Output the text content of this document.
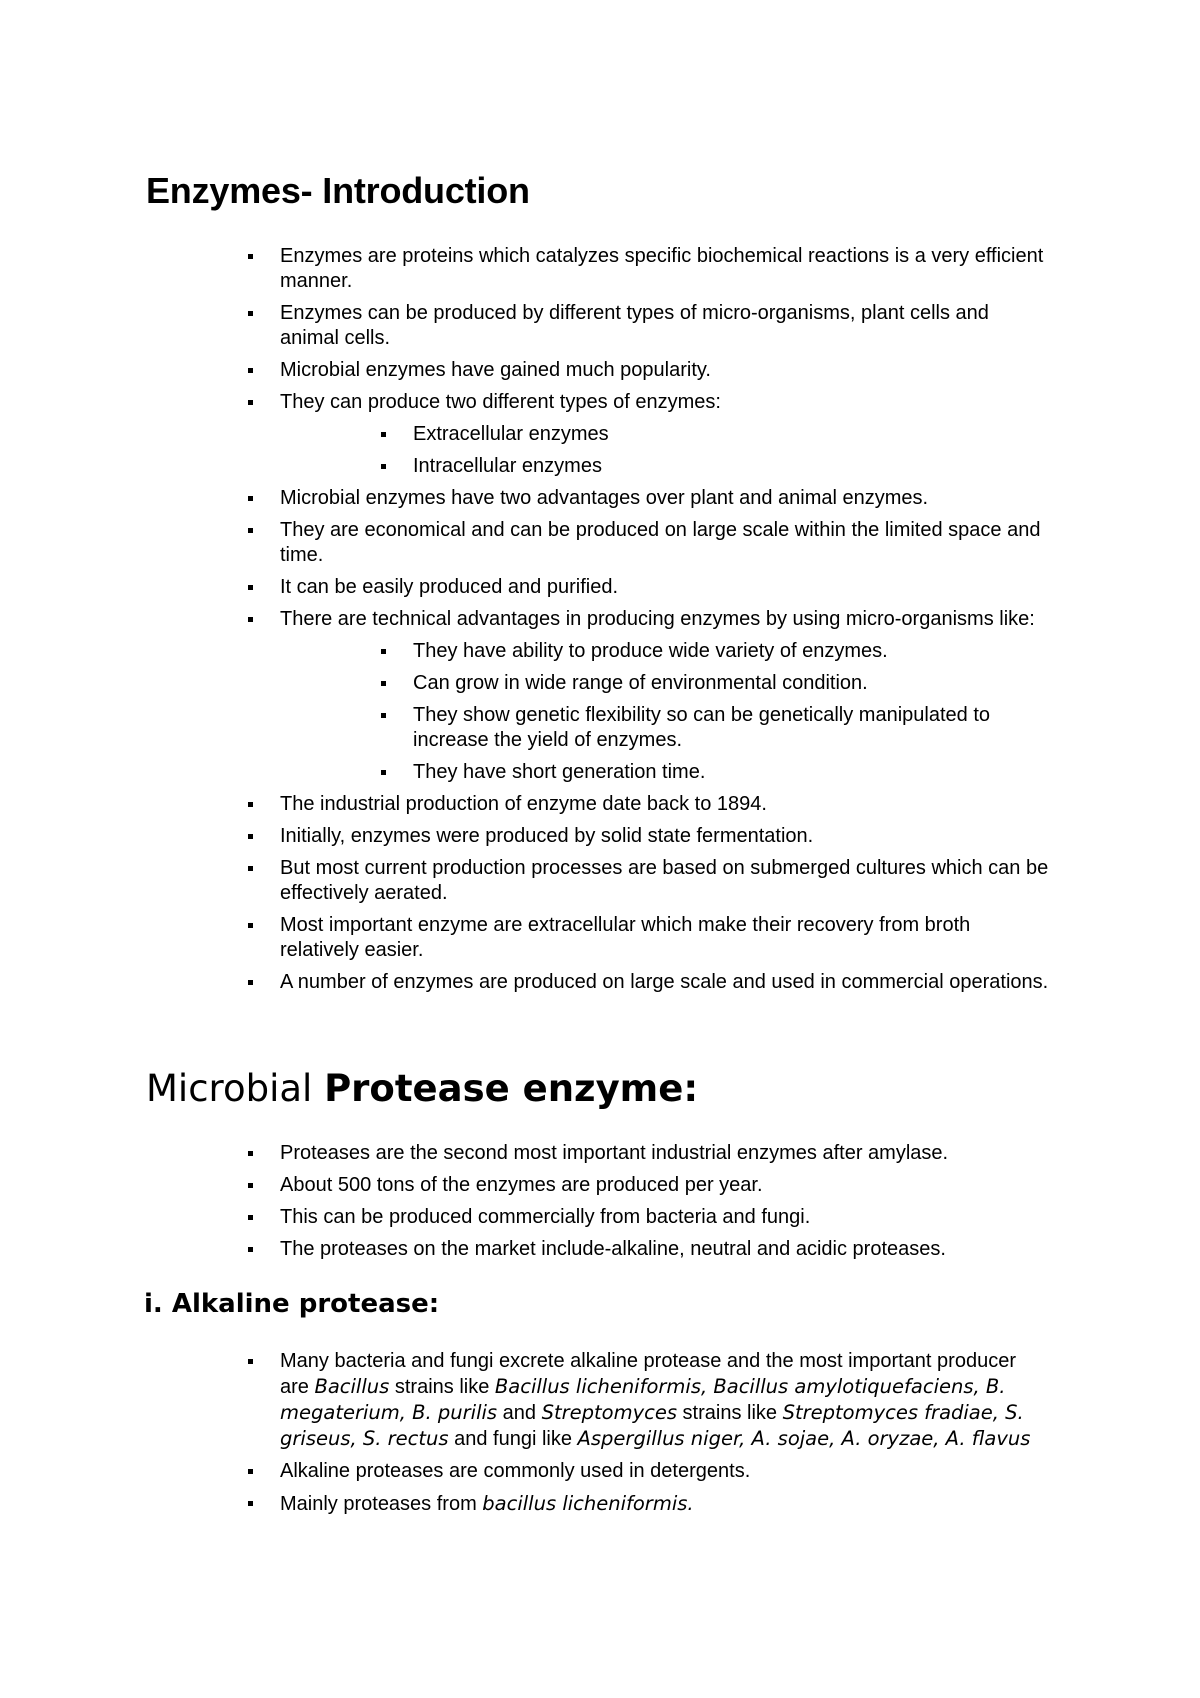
Enzymes- Introduction
Enzymes are proteins which catalyzes specific biochemical reactions is a very efficient manner.
Enzymes can be produced by different types of micro-organisms, plant cells and animal cells.
Microbial enzymes have gained much popularity.
They can produce two different types of enzymes:
Extracellular enzymes
Intracellular enzymes
Microbial enzymes have two advantages over plant and animal enzymes.
They are economical and can be produced on large scale within the limited space and time.
It can be easily produced and purified.
There are technical advantages in producing enzymes by using micro-organisms like:
They have ability to produce wide variety of enzymes.
Can grow in wide range of environmental condition.
They show genetic flexibility so can be genetically manipulated to increase the yield of enzymes.
They have short generation time.
The industrial production of enzyme date back to 1894.
Initially, enzymes were produced by solid state fermentation.
But most current production processes are based on submerged cultures which can be effectively aerated.
Most important enzyme are extracellular which make their recovery from broth relatively easier.
A number of enzymes are produced on large scale and used in commercial operations.
Microbial Protease enzyme:
Proteases are the second most important industrial enzymes after amylase.
About 500 tons of the enzymes are produced per year.
This can be produced commercially from bacteria and fungi.
The proteases on the market include-alkaline, neutral and acidic proteases.
i. Alkaline protease:
Many bacteria and fungi excrete alkaline protease and the most important producer are Bacillus strains like Bacillus licheniformis, Bacillus amylotiquefaciens, B. megaterium, B. purilis and Streptomyces strains like Streptomyces fradiae, S. griseus, S. rectus and fungi like Aspergillus niger, A. sojae, A. oryzae, A. flavus
Alkaline proteases are commonly used in detergents.
Mainly proteases from bacillus licheniformis.
